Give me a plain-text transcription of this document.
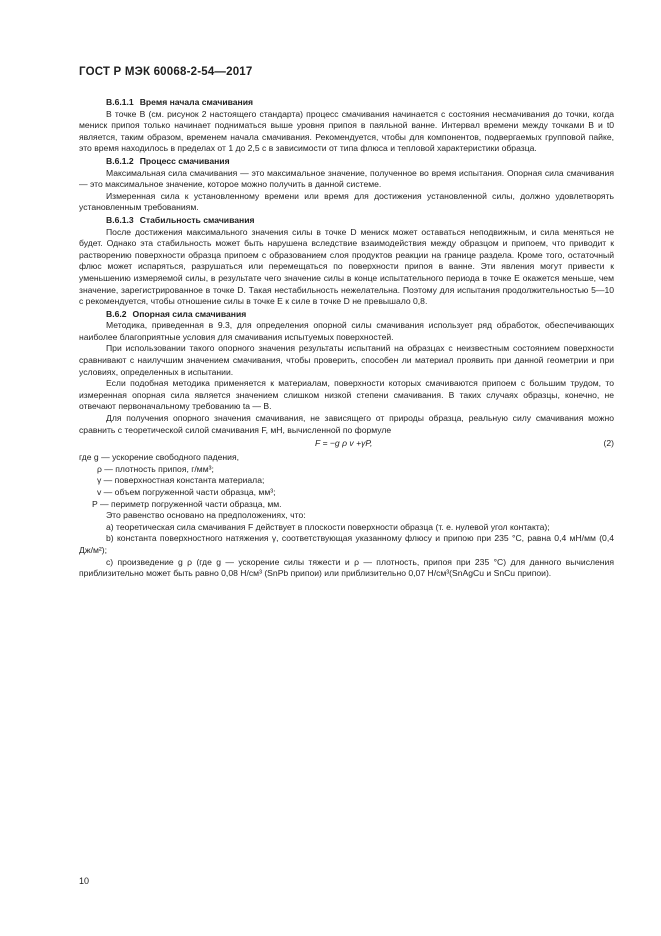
ГОСТ Р МЭК 60068-2-54—2017

В.6.1.1 Время начала смачивания

В точке B (см. рисунок 2 настоящего стандарта) процесс смачивания начинается с состояния несмачивания до точки, когда мениск припоя только начинает подниматься выше уровня припоя в паяльной ванне. Интервал времени между точками B и t0 является, таким образом, временем начала смачивания. Рекомендуется, чтобы для компонентов, подвергаемых групповой пайке, это время находилось в пределах от 1 до 2,5 с в зависимости от типа флюса и тепловой характеристики образца.

В.6.1.2 Процесс смачивания

Максимальная сила смачивания — это максимальное значение, полученное во время испытания. Опорная сила смачивания — это максимальное значение, которое можно получить в данной системе.

Измеренная сила к установленному времени или время для достижения установленной силы, должно удовлетворять установленным требованиям.

В.6.1.3 Стабильность смачивания

После достижения максимального значения силы в точке D мениск может оставаться неподвижным, и сила меняться не будет. Однако эта стабильность может быть нарушена вследствие взаимодействия между образцом и припоем, что приводит к растворению поверхности образца припоем с образованием слоя продуктов реакции на границе раздела. Кроме того, остаточный флюс может испаряться, разрушаться или перемещаться по поверхности припоя в ванне. Эти явления могут привести к уменьшению измеряемой силы, в результате чего значение силы в конце испытательного периода в точке E окажется меньше, чем значение, зарегистрированное в точке D. Такая нестабильность нежелательна. Поэтому для испытания продолжительностью 5—10 с рекомендуется, чтобы отношение силы в точке E к силе в точке D не превышало 0,8.

В.6.2 Опорная сила смачивания

Методика, приведенная в 9.3, для определения опорной силы смачивания использует ряд обработок, обеспечивающих наиболее благоприятные условия для смачивания испытуемых поверхностей.

При использовании такого опорного значения результаты испытаний на образцах с неизвестным состоянием поверхности сравнивают с наилучшим значением смачивания, чтобы проверить, способен ли материал проявить при данной геометрии и при условиях, определенных в испытании.

Если подобная методика применяется к материалам, поверхности которых смачиваются припоем с большим трудом, то измеренная опорная сила является значением слишком низкой степени смачивания. В таких случаях образцы, конечно, не отвечают первоначальному требованию ta — B.

Для получения опорного значения смачивания, не зависящего от природы образца, реальную силу смачивания можно сравнить с теоретической силой смачивания F, мН, вычисленной по формуле

F = −g ρ v +γP,	(2)

где g — ускорение свободного падения,

ρ — плотность припоя, г/мм³;

γ — поверхностная константа материала;

v — объем погруженной части образца, мм³;

P — периметр погруженной части образца, мм.

Это равенство основано на предположениях, что:

а) теоретическая сила смачивания F действует в плоскости поверхности образца (т. е. нулевой угол контакта);

b) константа поверхностного натяжения γ, соответствующая указанному флюсу и припою при 235 °С, равна 0,4 мН/мм (0,4 Дж/м²);

c) произведение g ρ (где g — ускорение силы тяжести и ρ — плотность, припоя при 235 °С) для данного вычисления приблизительно может быть равно 0,08 Н/см³ (SnPb припои) или приблизительно 0,07 Н/см³(SnAgCu и SnCu припои).

10
